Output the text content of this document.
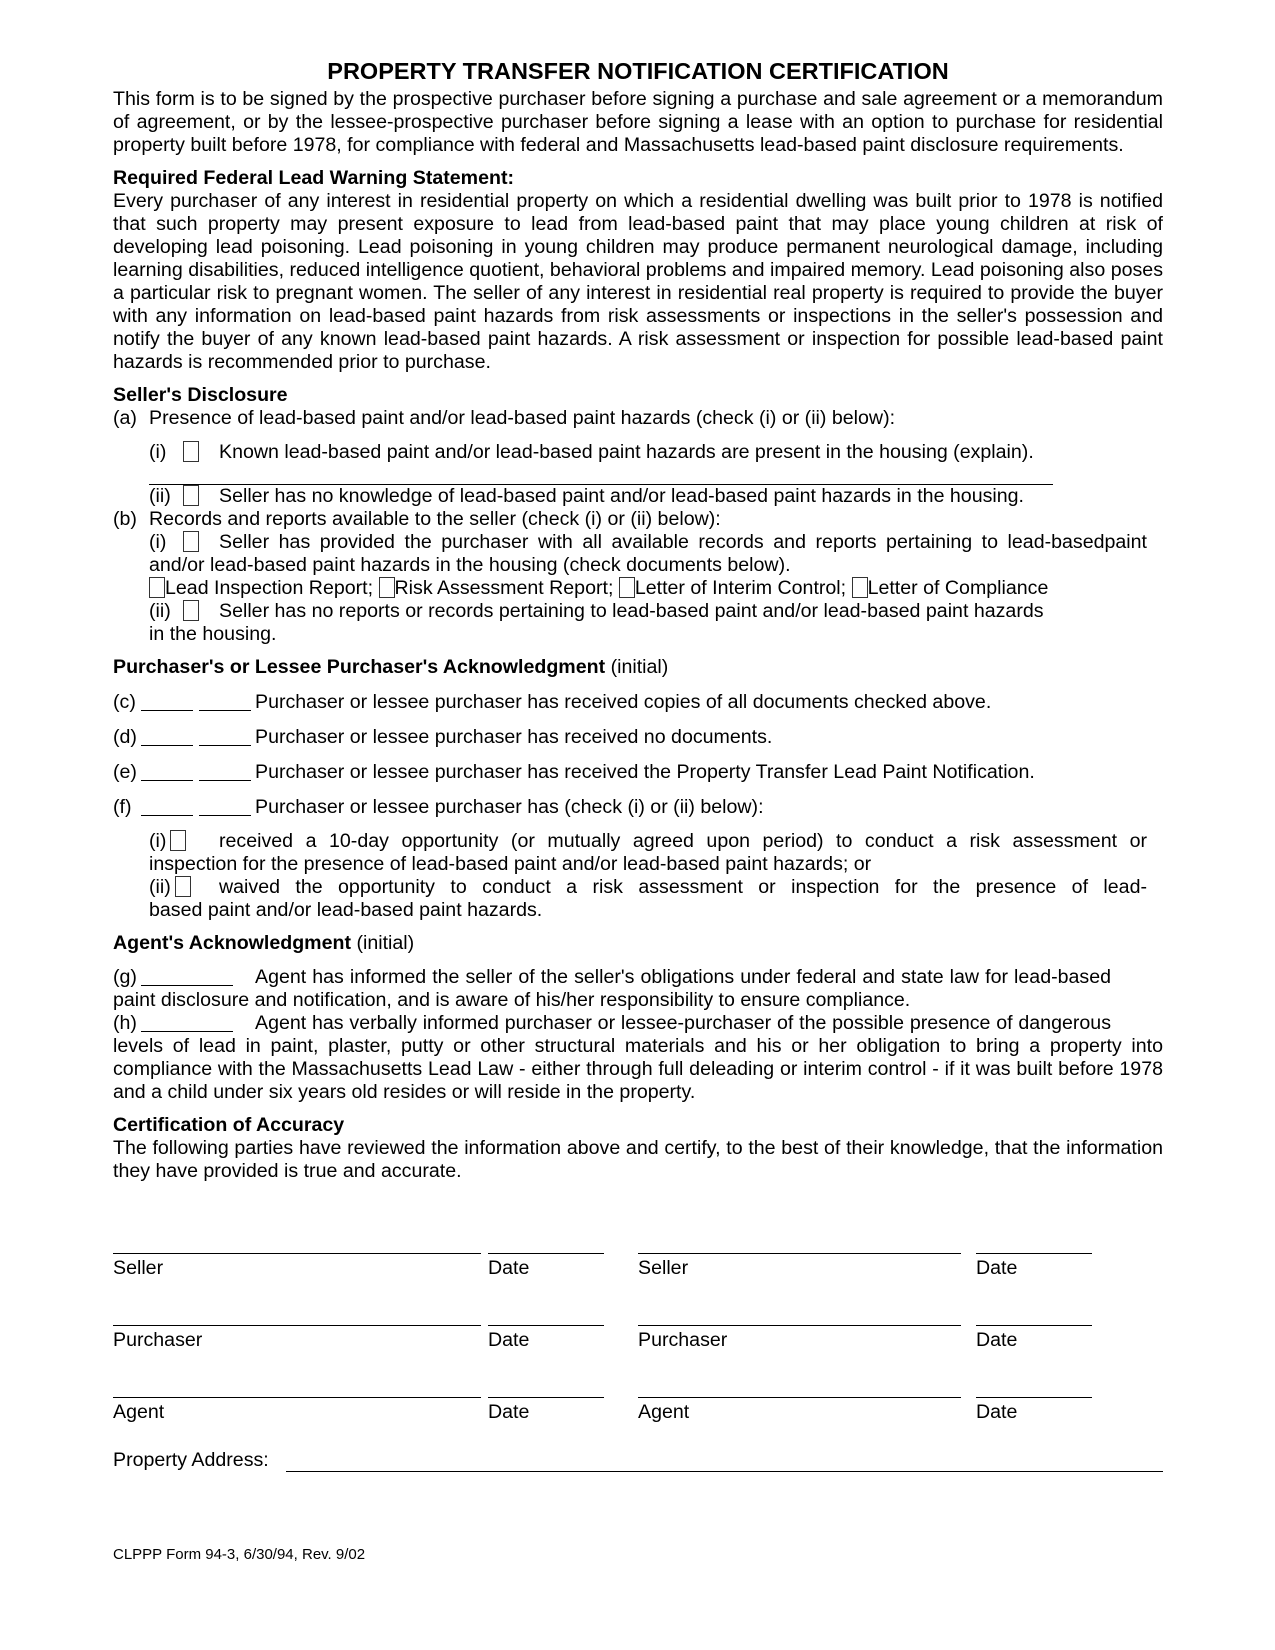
PROPERTY TRANSFER NOTIFICATION CERTIFICATION
This form is to be signed by the prospective purchaser before signing a purchase and sale agreement or a memorandum of agreement, or by the lessee-prospective purchaser before signing a lease with an option to purchase for residential property built before 1978, for compliance with federal and Massachusetts lead-based paint disclosure requirements.
Required Federal Lead Warning Statement:
Every purchaser of any interest in residential property on which a residential dwelling was built prior to 1978 is notified that such property may present exposure to lead from lead-based paint that may place young children at risk of developing lead poisoning. Lead poisoning in young children may produce permanent neurological damage, including learning disabilities, reduced intelligence quotient, behavioral problems and impaired memory. Lead poisoning also poses a particular risk to pregnant women. The seller of any interest in residential real property is required to provide the buyer with any information on lead-based paint hazards from risk assessments or inspections in the seller's possession and notify the buyer of any known lead-based paint hazards. A risk assessment or inspection for possible lead-based paint hazards is recommended prior to purchase.
Seller's Disclosure
(a) Presence of lead-based paint and/or lead-based paint hazards (check (i) or (ii) below):
(i)	Known lead-based paint and/or lead-based paint hazards are present in the housing (explain).
(ii) Seller has no knowledge of lead-based paint and/or lead-based paint hazards in the housing.
(b) Records and reports available to the seller (check (i) or (ii) below):
(i)	Seller has provided the purchaser with all available records and reports pertaining to lead-basedpaint
and/or lead-based paint hazards in the housing (check documents below).
Lead Inspection Report; Risk Assessment Report; Letter of Interim Control; Letter of Compliance
(ii) Seller has no reports or records pertaining to lead-based paint and/or lead-based paint hazards
in the housing.
Purchaser's or Lessee Purchaser's Acknowledgment (initial)
(c)	Purchaser or lessee purchaser has received copies of all documents checked above.
(d)	Purchaser or lessee purchaser has received no documents.
(e)	Purchaser or lessee purchaser has received the Property Transfer Lead Paint Notification.
(f)	Purchaser or lessee purchaser has (check (i) or (ii) below):
(i)	received a 10-day opportunity (or mutually agreed upon period) to conduct a risk assessment or
inspection for the presence of lead-based paint and/or lead-based paint hazards; or
(ii) waived the opportunity to conduct a risk assessment or inspection for the presence of lead-
based paint and/or lead-based paint hazards.
Agent's Acknowledgment (initial)
(g)	Agent has informed the seller of the seller's obligations under federal and state law for lead-based
paint disclosure and notification, and is aware of his/her responsibility to ensure compliance.
(h)	Agent has verbally informed purchaser or lessee-purchaser of the possible presence of dangerous
levels of lead in paint, plaster, putty or other structural materials and his or her obligation to bring a property into compliance with the Massachusetts Lead Law - either through full deleading or interim control - if it was built before 1978 and a child under six years old resides or will reside in the property.
Certification of Accuracy
The following parties have reviewed the information above and certify, to the best of their knowledge, that the information they have provided is true and accurate.
Seller	Date	Seller	Date
Purchaser	Date	Purchaser	Date
Agent	Date	Agent	Date
Property Address:
CLPPP Form 94-3, 6/30/94, Rev. 9/02
